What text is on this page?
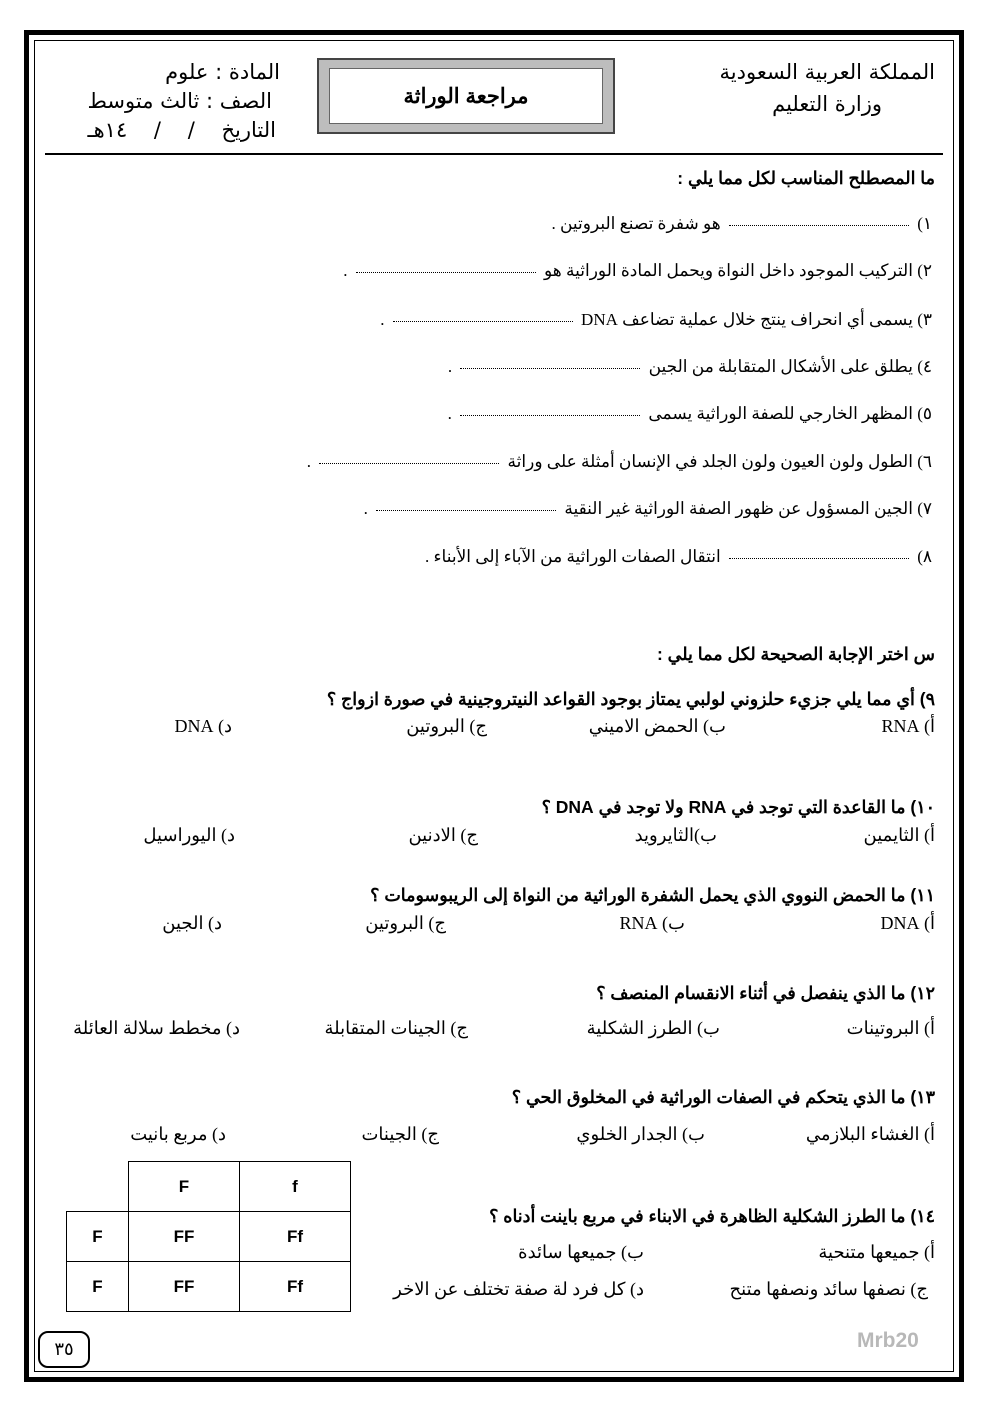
المملكة العربية السعودية
وزارة التعليم
مراجعة الوراثة
المادة : علوم
الصف : ثالث متوسط
التاريخ    /    /    ١٤هـ
ما المصطلح المناسب لكل مما يلي :
١)  هو شفرة تصنع البروتين .
٢) التركيب الموجود داخل النواة ويحمل المادة الوراثية هو  .
٣) يسمى أي انحراف ينتج خلال عملية تضاعف DNA  .
٤) يطلق على الأشكال المتقابلة من الجين  .
٥) المظهر الخارجي للصفة الوراثية يسمى  .
٦) الطول ولون العيون ولون الجلد في الإنسان أمثلة على وراثة  .
٧) الجين المسؤول عن ظهور الصفة الوراثية غير النقية  .
٨)  انتقال الصفات الوراثية من الآباء إلى الأبناء .
س اختر الإجابة الصحيحة لكل مما يلي :
٩) أي مما يلي جزيء حلزوني لولبي يمتاز بوجود القواعد النيتروجينية في صورة ازواج ؟
أ) RNA
ب) الحمض الاميني
ج) البروتين
د) DNA
١٠) ما القاعدة التي توجد في RNA ولا توجد في DNA ؟
أ) الثايمين
ب)الثايرويد
ج) الادنين
د) اليوراسيل
١١) ما الحمض النووي الذي يحمل الشفرة الوراثية من النواة إلى الريبوسومات ؟
أ) DNA
ب) RNA
ج) البروتين
د) الجين
١٢) ما الذي ينفصل في أثناء الانقسام المنصف ؟
أ) البروتينات
ب) الطرز الشكلية
ج) الجينات المتقابلة
د) مخطط سلالة العائلة
١٣) ما الذي يتحكم في الصفات الوراثية في المخلوق الحي ؟
أ) الغشاء البلازمي
ب) الجدار الخلوي
ج) الجينات
د) مربع بانيت
	F	f
F	FF	Ff
F	FF	Ff
١٤) ما الطرز الشكلية الظاهرة في الابناء في مربع باينت أدناه ؟
أ) جميعها متنحية
ب) جميعها سائدة
ج) نصفها سائد ونصفها متنح
د) كل فرد لة صفة تختلف عن الاخر
٣٥	Mrb20
